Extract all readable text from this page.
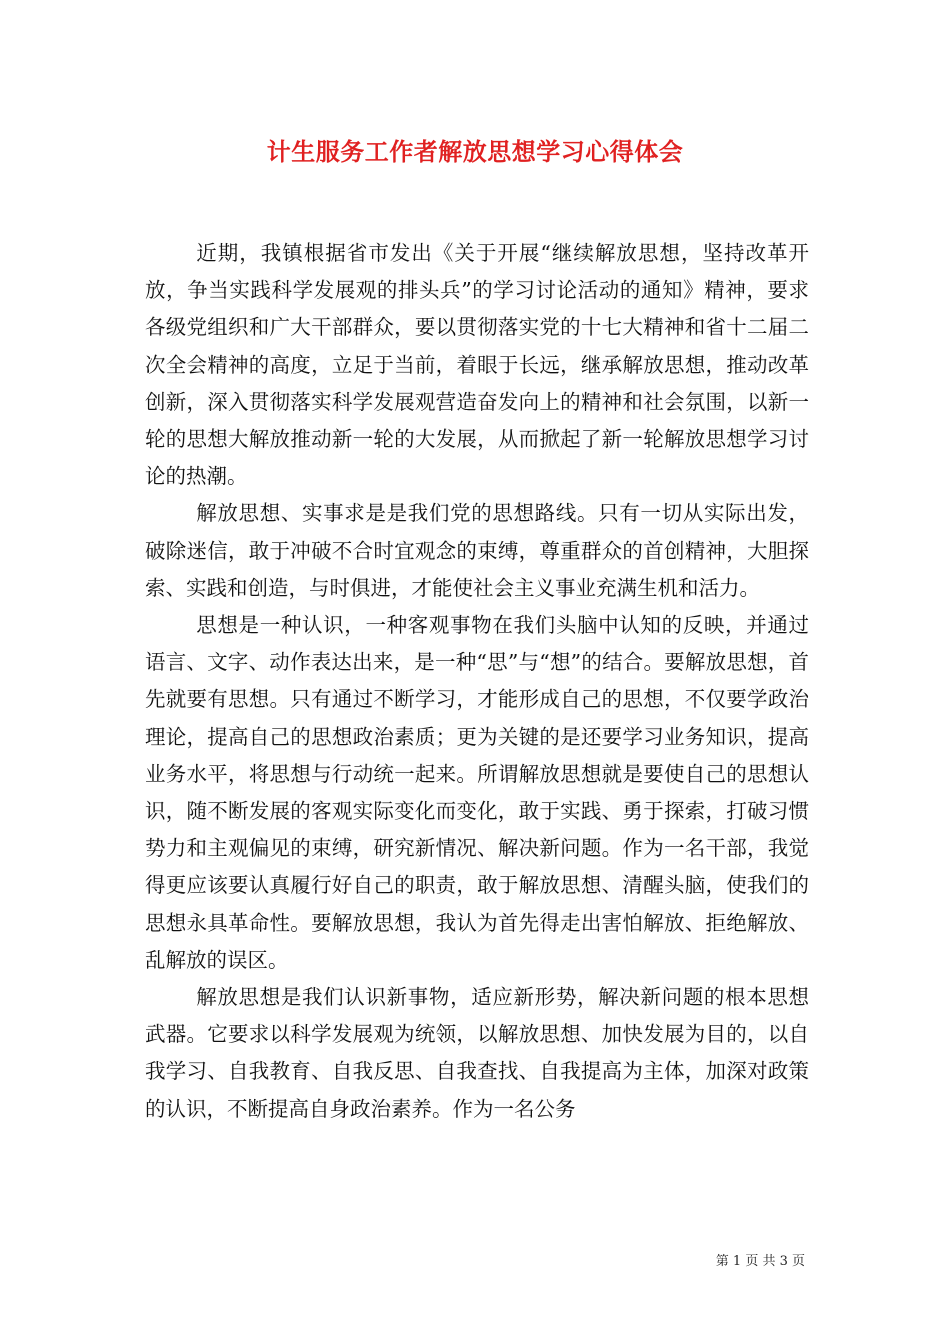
计生服务工作者解放思想学习心得体会

近期，我镇根据省市发出《关于开展“继续解放思想，坚持改革开放，争当实践科学发展观的排头兵”的学习讨论活动的通知》精神，要求各级党组织和广大干部群众，要以贯彻落实党的十七大精神和省十二届二次全会精神的高度，立足于当前，着眼于长远，继承解放思想，推动改革创新，深入贯彻落实科学发展观营造奋发向上的精神和社会氛围，以新一轮的思想大解放推动新一轮的大发展，从而掀起了新一轮解放思想学习讨论的热潮。

解放思想、实事求是是我们党的思想路线。只有一切从实际出发，破除迷信，敢于冲破不合时宜观念的束缚，尊重群众的首创精神，大胆探索、实践和创造，与时俱进，才能使社会主义事业充满生机和活力。

思想是一种认识，一种客观事物在我们头脑中认知的反映，并通过语言、文字、动作表达出来，是一种“思”与“想”的结合。要解放思想，首先就要有思想。只有通过不断学习，才能形成自己的思想，不仅要学政治理论，提高自己的思想政治素质；更为关键的是还要学习业务知识，提高业务水平，将思想与行动统一起来。所谓解放思想就是要使自己的思想认识，随不断发展的客观实际变化而变化，敢于实践、勇于探索，打破习惯势力和主观偏见的束缚，研究新情况、解决新问题。作为一名干部，我觉得更应该要认真履行好自己的职责，敢于解放思想、清醒头脑，使我们的思想永具革命性。要解放思想，我认为首先得走出害怕解放、拒绝解放、乱解放的误区。

解放思想是我们认识新事物，适应新形势，解决新问题的根本思想武器。它要求以科学发展观为统领，以解放思想、加快发展为目的，以自我学习、自我教育、自我反思、自我查找、自我提高为主体，加深对政策的认识，不断提高自身政治素养。作为一名公务

第 1 页 共 3 页
